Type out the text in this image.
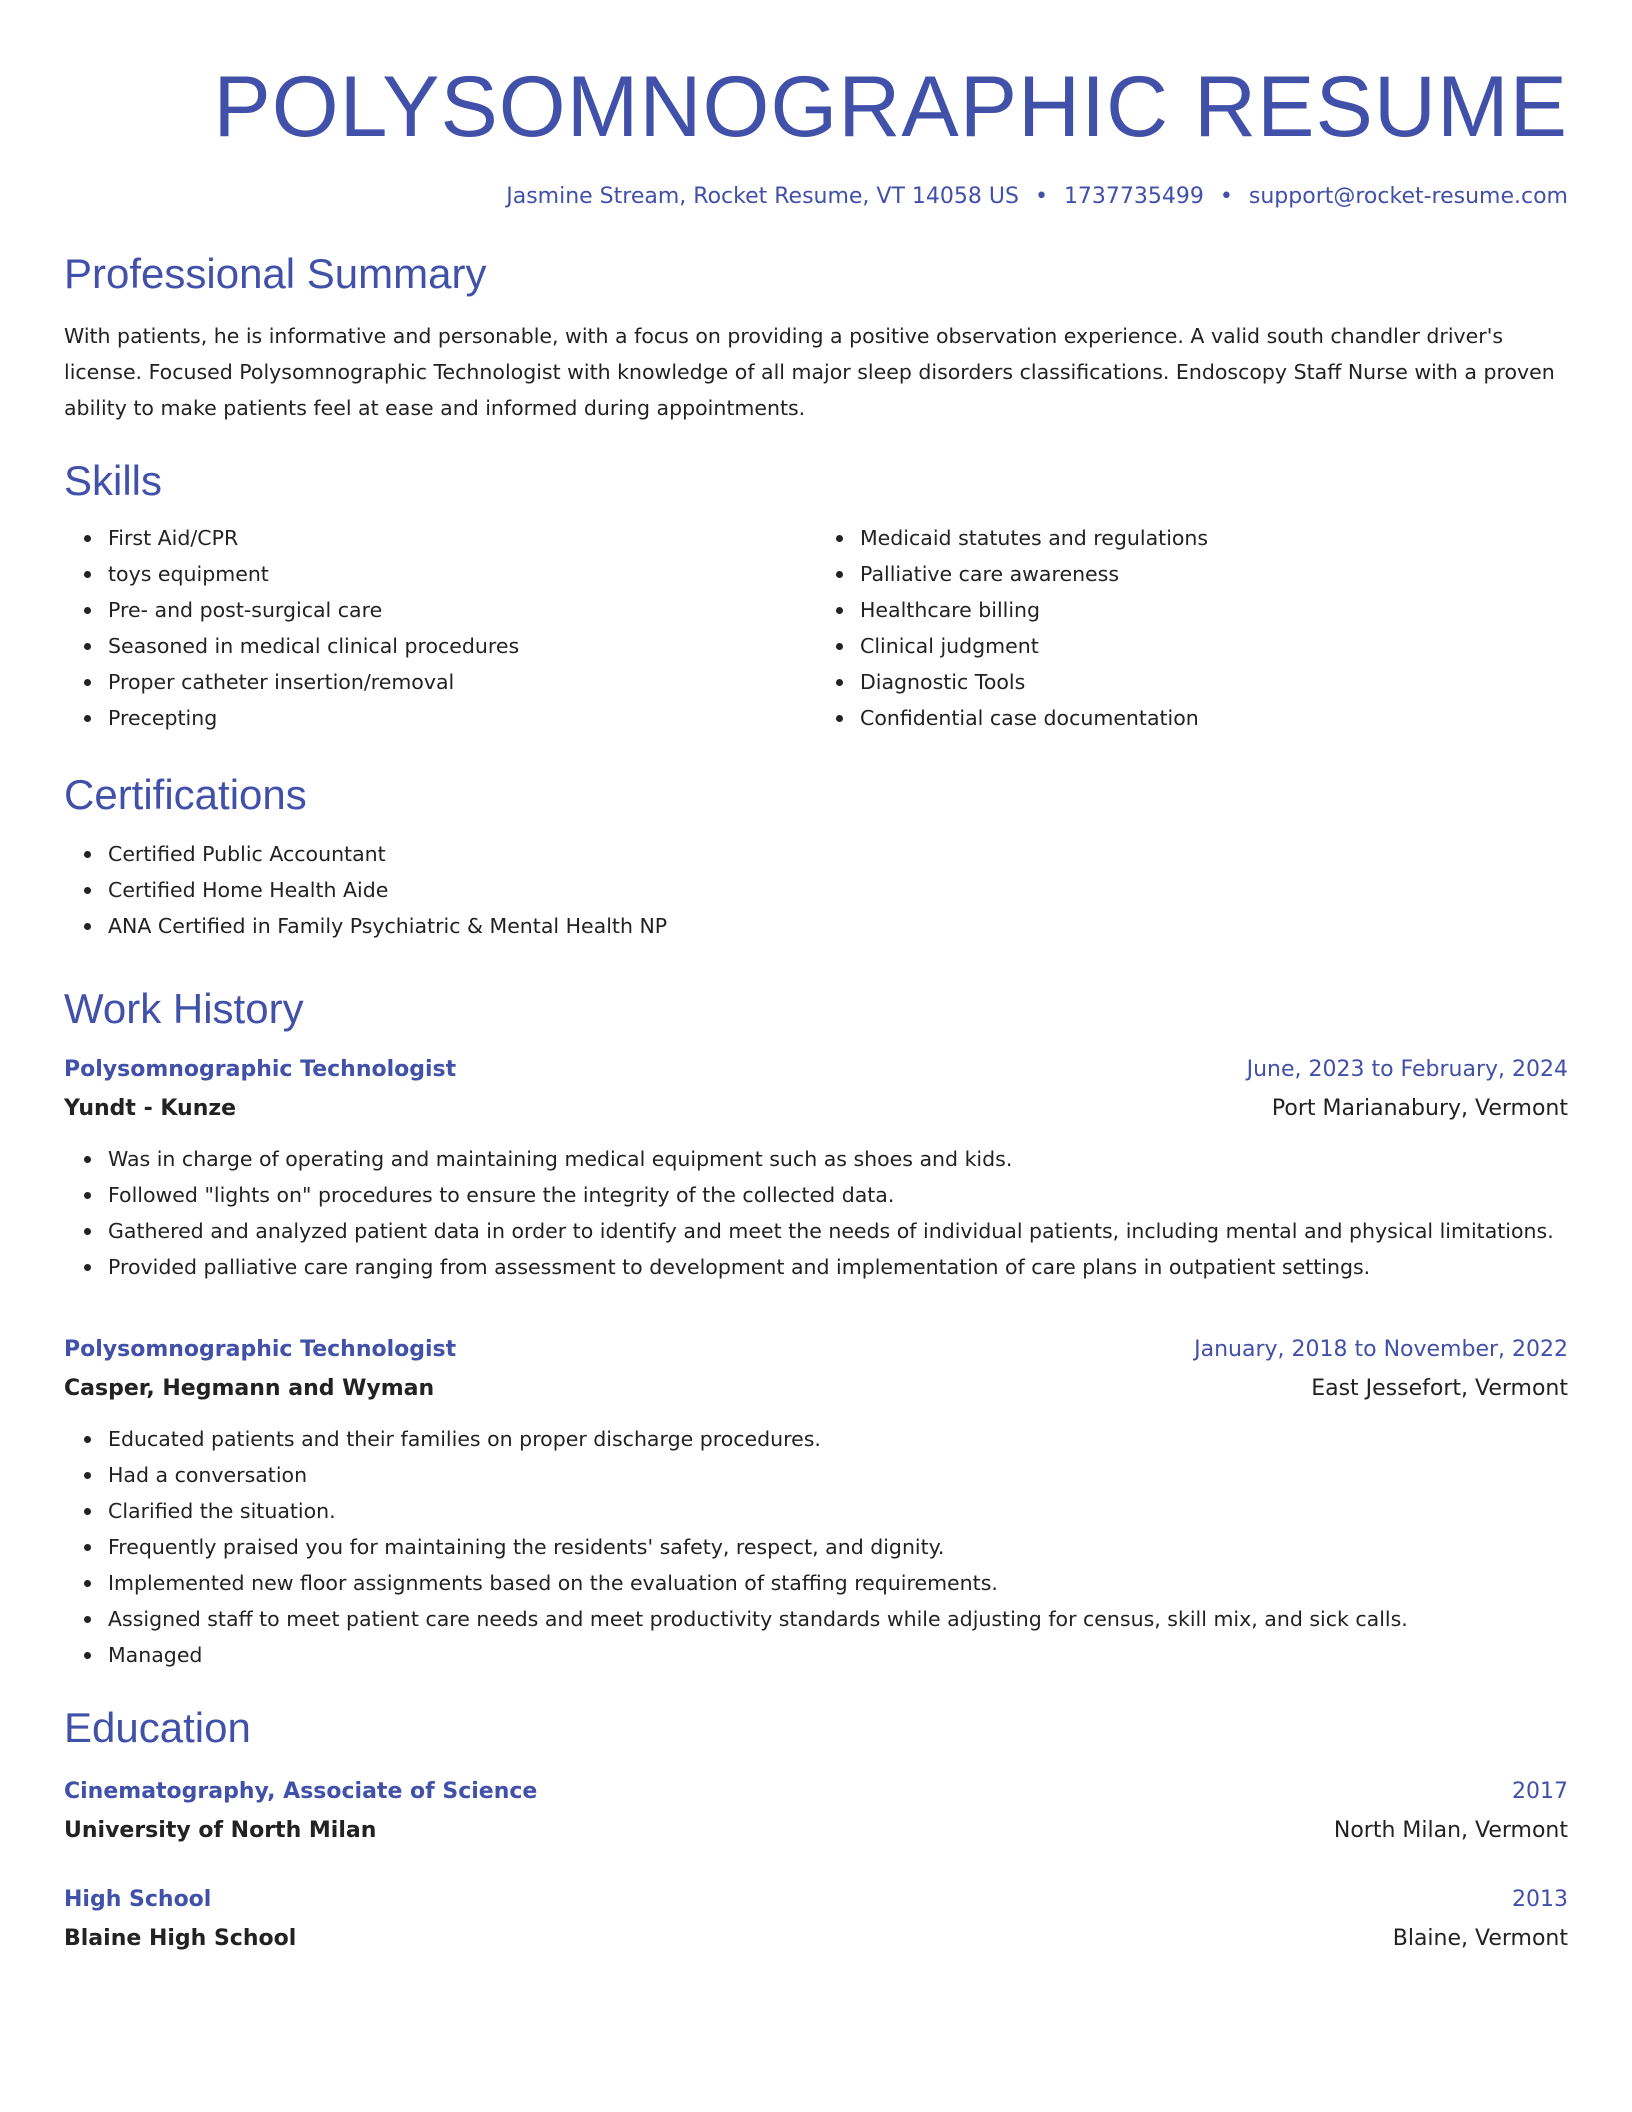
POLYSOMNOGRAPHIC RESUME
Jasmine Stream, Rocket Resume, VT 14058 US • 1737735499 • support@rocket-resume.com
Professional Summary

With patients, he is informative and personable, with a focus on providing a positive observation experience. A valid south chandler driver's license. Focused Polysomnographic Technologist with knowledge of all major sleep disorders classifications. Endoscopy Staff Nurse with a proven ability to make patients feel at ease and informed during appointments.

Skills
First Aid/CPR
toys equipment
Pre- and post-surgical care
Seasoned in medical clinical procedures
Proper catheter insertion/removal
Precepting
Medicaid statutes and regulations
Palliative care awareness
Healthcare billing
Clinical judgment
Diagnostic Tools
Confidential case documentation
Certifications
Certified Public Accountant
Certified Home Health Aide
ANA Certified in Family Psychiatric & Mental Health NP
Work History
Polysomnographic Technologist	June, 2023 to February, 2024
Yundt - Kunze	Port Marianabury, Vermont
Was in charge of operating and maintaining medical equipment such as shoes and kids.
Followed "lights on" procedures to ensure the integrity of the collected data.
Gathered and analyzed patient data in order to identify and meet the needs of individual patients, including mental and physical limitations.
Provided palliative care ranging from assessment to development and implementation of care plans in outpatient settings.
Polysomnographic Technologist	January, 2018 to November, 2022
Casper, Hegmann and Wyman	East Jessefort, Vermont
Educated patients and their families on proper discharge procedures.
Had a conversation
Clarified the situation.
Frequently praised you for maintaining the residents' safety, respect, and dignity.
Implemented new floor assignments based on the evaluation of staffing requirements.
Assigned staff to meet patient care needs and meet productivity standards while adjusting for census, skill mix, and sick calls.
Managed
Education
Cinematography, Associate of Science	2017
University of North Milan	North Milan, Vermont
High School	2013
Blaine High School	Blaine, Vermont
